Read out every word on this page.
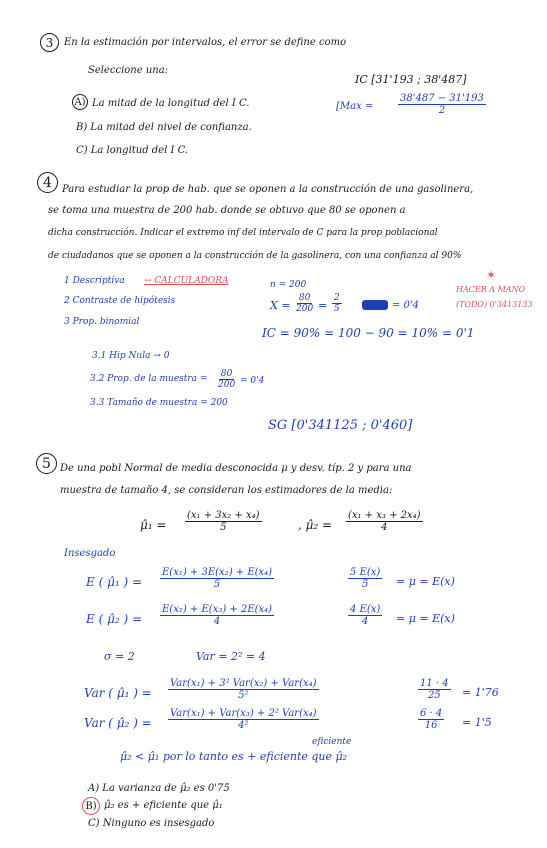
3	En la estimación por intervalos, el error se define como
Seleccione una:
IC [31'193 ; 38'487]
A) La mitad de la longitud del I C.	[$Max = \frac{38'487 - 31'193}{2}$
B) La mitad del nivel de confianza.
C) La longitud del I C.
4	Para estudiar la prop de hab. que se oponen a la construcción de una gasolinera,
se toma una muestra de 200 hab. donde se obtuvo que 80 se oponen a
dicha construcción. Indicar el extremo inf del intervalo de C para la prop poblacional
de ciudadanos que se oponen a la construcción de la gasolinera, con una confianza al 90%
1 Descriptiva → CALCULADORA
2 Contraste de hipótesis
3 Prop. binomial
n = 200
$X = \frac{80}{200} = \frac{2}{5}$	= 0'4
✶
HACER A MANO
(TODO) 0'3413133
IC = 90% = 100 − 90 = 10% = 0'1
3.1 Hip Nula → 0
3.2 Prop. de la muestra = $\frac{80}{200} = 0'4$
3.3 Tamaño de muestra = 200
SG [0'341125 ; 0'460]
5 De una pobl Normal de media desconocida μ y desv. típ. 2 y para una
muestra de tamaño 4, se consideran los estimadores de la media:
μ̂₁ = $\frac{\text{(x₁ + 3x₂ + x₄)}}{5}$	, μ̂₂ = $\frac{\text{(x₁ + x₃ + 2x₄)}}{4}$
Insesgado
E ( μ̂₁ ) = $\frac{\text{E(x₁) + 3E(x₂) + E(x₄)}}{5}$	$\frac{5 E(x)}{5} = \mu = E(x)$
E ( μ̂₂ ) = $\frac{\text{E(x₁) + E(x₃) + 2E(x₄)}}{4}$	$\frac{4 E(x)}{4} = \mu = E(x)$
σ = 2	Var = 2² = 4
Var ( μ̂₁ ) =
Var(x₁) + 3² Var(x₂) + Var(x₄)
5²	$\frac{11 \cdot 4}{25} = 1'76$
Var ( μ̂₂ ) =
Var(x₁) + Var(x₃) + 2² Var(x₄)
4²	$\frac{6 \cdot 4}{16} = 1'5$
eficiente
μ̂₂ < μ̂₁ por lo tanto es + eficiente que μ̂₂
A) La varianza de μ̂₂ es 0'75
B) μ̂₂ es + eficiente que μ̂₁
C) Ninguno es insesgado
